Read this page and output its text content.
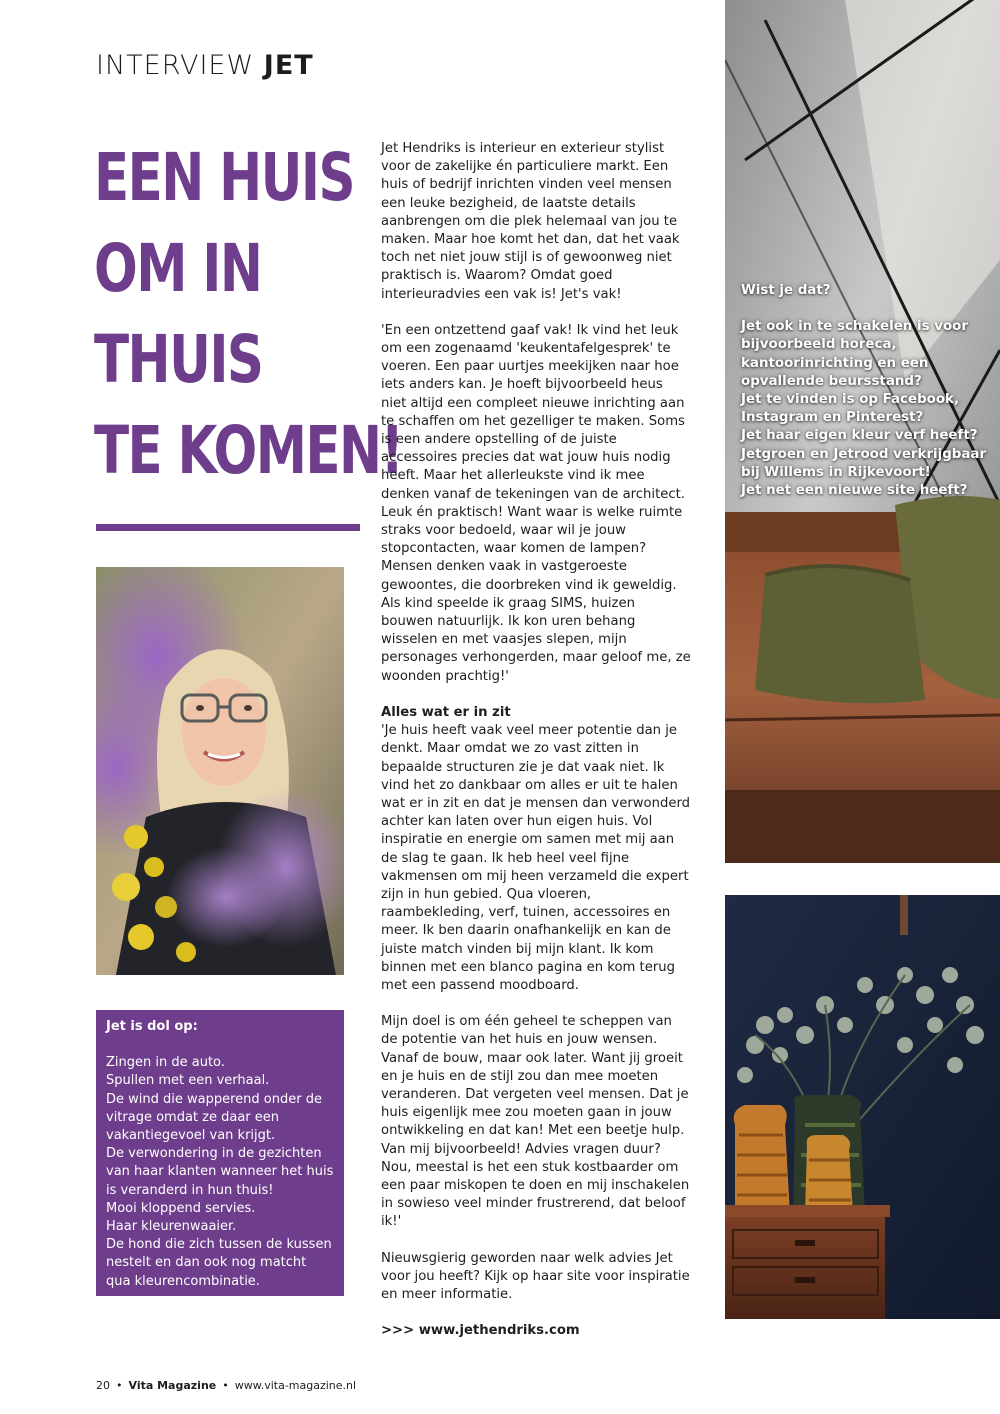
INTERVIEW JET
EEN HUIS
OM IN
THUIS
TE KOMEN!
Jet is dol op:
Zingen in de auto.
Spullen met een verhaal.
De wind die wapperend onder de vitrage omdat ze daar een vakantiegevoel van krijgt.
De verwondering in de gezichten van haar klanten wanneer het huis is veranderd in hun thuis!
Mooi kloppend servies.
Haar kleurenwaaier.
De hond die zich tussen de kussen nestelt en dan ook nog matcht qua kleurencombinatie.

Jet Hendriks is interieur en exterieur stylist voor de zakelijke én particuliere markt. Een huis of bedrijf inrichten vinden veel mensen een leuke bezigheid, de laatste details aanbrengen om die plek helemaal van jou te maken. Maar hoe komt het dan, dat het vaak toch net niet jouw stijl is of gewoonweg niet praktisch is. Waarom? Omdat goed interieuradvies een vak is! Jet's vak!

'En een ontzettend gaaf vak! Ik vind het leuk om een zogenaamd 'keukentafelgesprek' te voeren. Een paar uurtjes meekijken naar hoe iets anders kan. Je hoeft bijvoorbeeld heus niet altijd een compleet nieuwe inrichting aan te schaffen om het gezelliger te maken. Soms is een andere opstelling of de juiste accessoires precies dat wat jouw huis nodig heeft. Maar het allerleukste vind ik mee denken vanaf de tekeningen van de architect. Leuk én praktisch! Want waar is welke ruimte straks voor bedoeld, waar wil je jouw stopcontacten, waar komen de lampen? Mensen denken vaak in vastgeroeste gewoontes, die doorbreken vind ik geweldig. Als kind speelde ik graag SIMS, huizen bouwen natuurlijk. Ik kon uren behang wisselen en met vaasjes slepen, mijn personages verhongerden, maar geloof me, ze woonden prachtig!'

Alles wat er in zit
'Je huis heeft vaak veel meer potentie dan je denkt. Maar omdat we zo vast zitten in bepaalde structuren zie je dat vaak niet. Ik vind het zo dankbaar om alles er uit te halen wat er in zit en dat je mensen dan verwonderd achter kan laten over hun eigen huis. Vol inspiratie en energie om samen met mij aan de slag te gaan. Ik heb heel veel fijne vakmensen om mij heen verzameld die expert zijn in hun gebied. Qua vloeren, raambekleding, verf, tuinen, accessoires en meer. Ik ben daarin onafhankelijk en kan de juiste match vinden bij mijn klant. Ik kom binnen met een blanco pagina en kom terug met een passend moodboard.

Mijn doel is om één geheel te scheppen van de potentie van het huis en jouw wensen. Vanaf de bouw, maar ook later. Want jij groeit en je huis en de stijl zou dan mee moeten veranderen. Dat vergeten veel mensen. Dat je huis eigenlijk mee zou moeten gaan in jouw ontwikkeling en dat kan! Met een beetje hulp. Van mij bijvoorbeeld! Advies vragen duur? Nou, meestal is het een stuk kostbaarder om een paar miskopen te doen en mij inschakelen in sowieso veel minder frustrerend, dat beloof ik!'

Nieuwsgierig geworden naar welk advies Jet voor jou heeft? Kijk op haar site voor inspiratie en meer informatie.

>>> www.jethendriks.com

Wist je dat?
Jet ook in te schakelen is voor bijvoorbeeld horeca, kantoorinrichting en een opvallende beursstand?
Jet te vinden is op Facebook, Instagram en Pinterest?
Jet haar eigen kleur verf heeft?
Jetgroen en Jetrood verkrijgbaar bij Willems in Rijkevoort!
Jet net een nieuwe site heeft?
20 • Vita Magazine • www.vita-magazine.nl
